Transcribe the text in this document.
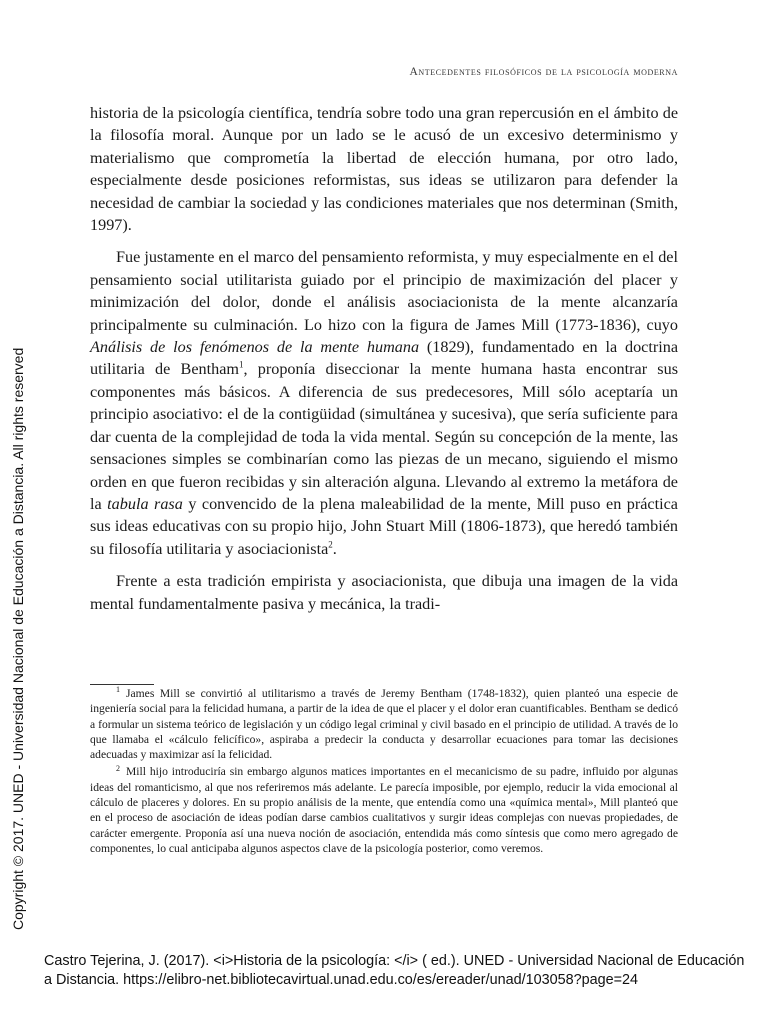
Antecedentes filosóficos de la psicología moderna
Copyright © 2017. UNED - Universidad Nacional de Educación a Distancia. All rights reserved

historia de la psicología científica, tendría sobre todo una gran repercusión en el ámbito de la filosofía moral. Aunque por un lado se le acusó de un excesivo determinismo y materialismo que comprometía la libertad de elección humana, por otro lado, especialmente desde posiciones reformistas, sus ideas se utilizaron para defender la necesidad de cambiar la sociedad y las condiciones materiales que nos determinan (Smith, 1997).

Fue justamente en el marco del pensamiento reformista, y muy especialmente en el del pensamiento social utilitarista guiado por el principio de maximización del placer y minimización del dolor, donde el análisis asociacionista de la mente alcanzaría principalmente su culminación. Lo hizo con la figura de James Mill (1773-1836), cuyo Análisis de los fenómenos de la mente humana (1829), fundamentado en la doctrina utilitaria de Bentham$^1$, proponía diseccionar la mente humana hasta encontrar sus componentes más básicos. A diferencia de sus predecesores, Mill sólo aceptaría un principio asociativo: el de la contigüidad (simultánea y sucesiva), que sería suficiente para dar cuenta de la complejidad de toda la vida mental. Según su concepción de la mente, las sensaciones simples se combinarían como las piezas de un mecano, siguiendo el mismo orden en que fueron recibidas y sin alteración alguna. Llevando al extremo la metáfora de la tabula rasa y convencido de la plena maleabilidad de la mente, Mill puso en práctica sus ideas educativas con su propio hijo, John Stuart Mill (1806-1873), que heredó también su filosofía utilitaria y asociacionista$^2$.

Frente a esta tradición empirista y asociacionista, que dibuja una imagen de la vida mental fundamentalmente pasiva y mecánica, la tradi-

$^1$ James Mill se convirtió al utilitarismo a través de Jeremy Bentham (1748-1832), quien planteó una especie de ingeniería social para la felicidad humana, a partir de la idea de que el placer y el dolor eran cuantificables. Bentham se dedicó a formular un sistema teórico de legislación y un código legal criminal y civil basado en el principio de utilidad. A través de lo que llamaba el «cálculo felicífico», aspiraba a predecir la conducta y desarrollar ecuaciones para tomar las decisiones adecuadas y maximizar así la felicidad.

$^2$ Mill hijo introduciría sin embargo algunos matices importantes en el mecanicismo de su padre, influido por algunas ideas del romanticismo, al que nos referiremos más adelante. Le parecía imposible, por ejemplo, reducir la vida emocional al cálculo de placeres y dolores. En su propio análisis de la mente, que entendía como una «química mental», Mill planteó que en el proceso de asociación de ideas podían darse cambios cualitativos y surgir ideas complejas con nuevas propiedades, de carácter emergente. Proponía así una nueva noción de asociación, entendida más como síntesis que como mero agregado de componentes, lo cual anticipaba algunos aspectos clave de la psicología posterior, como veremos.

Castro Tejerina, J. (2017). <i>Historia de la psicología: </i> ( ed.). UNED - Universidad Nacional de Educación a Distancia. https://elibro-net.bibliotecavirtual.unad.edu.co/es/ereader/unad/103058?page=24
